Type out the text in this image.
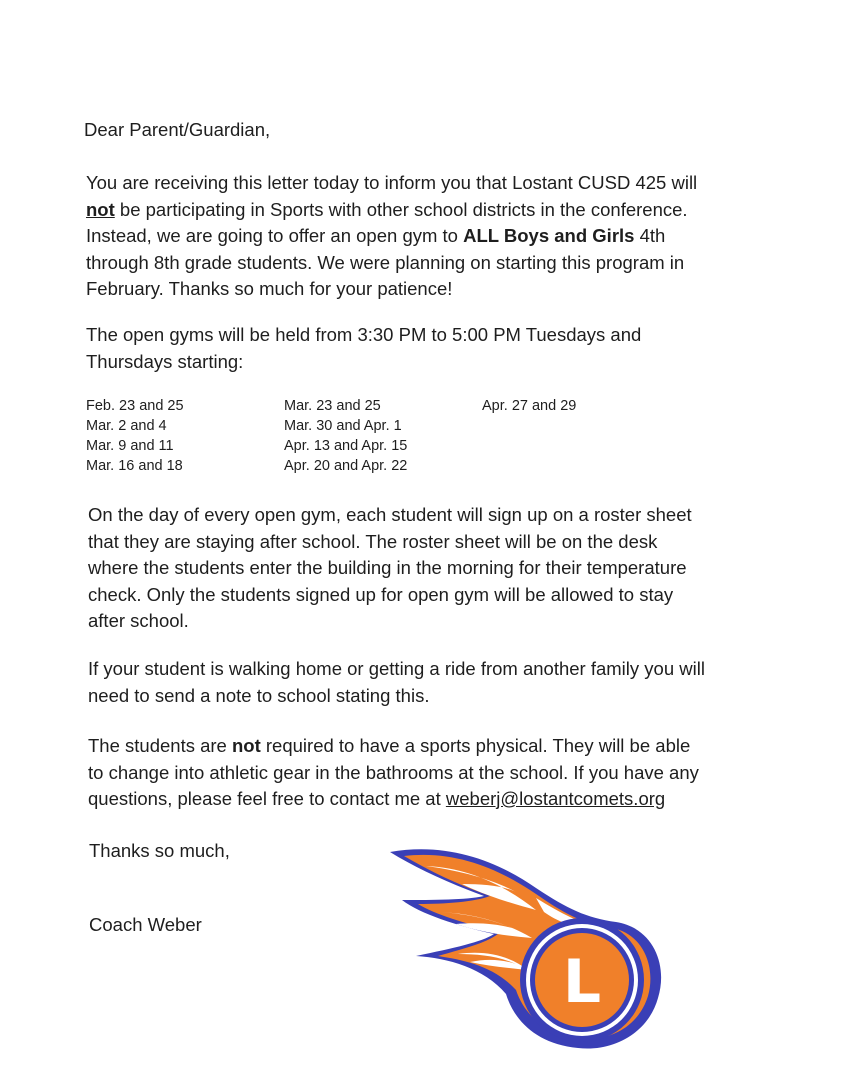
Dear Parent/Guardian,

You are receiving this letter today to inform you that Lostant CUSD 425 will
not be participating in Sports with other school districts in the conference.
Instead, we are going to offer an open gym to ALL Boys and Girls 4th
through 8th grade students. We were planning on starting this program in
February. Thanks so much for your patience!
The open gyms will be held from 3:30 PM to 5:00 PM Tuesdays and
Thursdays starting:
Feb. 23 and 25
Mar. 2 and 4
Mar. 9 and 11
Mar. 16 and 18
Mar. 23 and 25
Mar. 30 and Apr. 1
Apr. 13 and Apr. 15
Apr. 20 and Apr. 22
Apr. 27 and 29
On the day of every open gym, each student will sign up on a roster sheet
that they are staying after school. The roster sheet will be on the desk
where the students enter the building in the morning for their temperature
check. Only the students signed up for open gym will be allowed to stay
after school.
If your student is walking home or getting a ride from another family you will
need to send a note to school stating this.
The students are not required to have a sports physical. They will be able
to change into athletic gear in the bathrooms at the school. If you have any
questions, please feel free to contact me at weberj@lostantcomets.org

Thanks so much,

Coach Weber

L
